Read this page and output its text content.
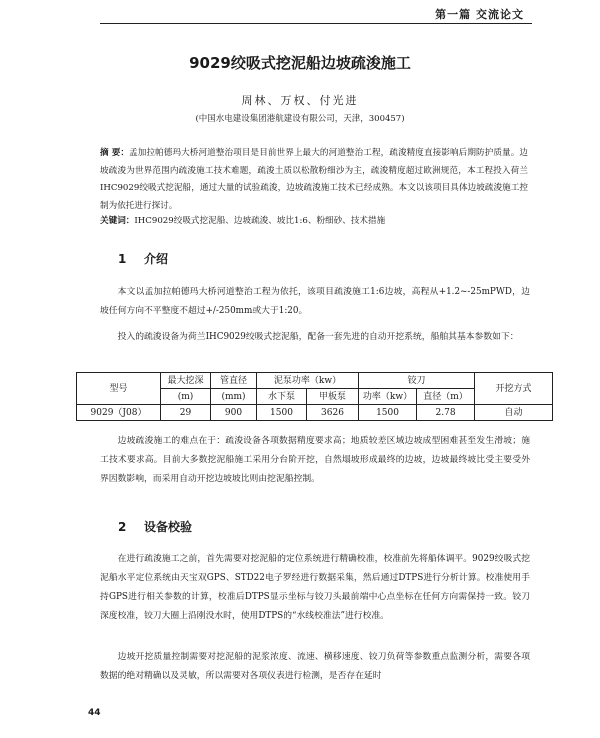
第一篇 交流论文
9029绞吸式挖泥船边坡疏浚施工
周林、万权、付光进
(中国水电建设集团港航建设有限公司，天津，300457)
摘 要：孟加拉帕德玛大桥河道整治项目是目前世界上最大的河道整治工程，疏浚精度直接影响后期防护质量。边坡疏浚为世界范围内疏浚施工技术难题，疏浚土质以松散粉细沙为主，疏浚精度超过欧洲规范，本工程投入荷兰IHC9029绞吸式挖泥船，通过大量的试验疏浚，边坡疏浚施工技术已经成熟。本文以该项目具体边坡疏浚施工控制为依托进行探讨。
关键词：IHC9029绞吸式挖泥船、边坡疏浚、坡比1:6、粉细砂、技术措施
1 介绍
本文以孟加拉帕德玛大桥河道整治工程为依托，该项目疏浚施工1:6边坡，高程从+1.2~-25mPWD，边坡任何方向不平整度不超过+/-250mm或大于1:20。
投入的疏浚设备为荷兰IHC9029绞吸式挖泥船，配备一套先进的自动开挖系统，船舶其基本参数如下：
型号	最大挖深	管直径	泥泵功率（kw）		铰刀		开挖方式
	(m)	(mm)	水下泵	甲板泵	功率（kw）	直径（m）	
9029（J08）	29	900	1500	3626	1500	2.78	自动
边坡疏浚施工的难点在于：疏浚设备各项数据精度要求高；地质较差区域边坡成型困难甚至发生滑坡；施工技术要求高。目前大多数挖泥船施工采用分台阶开挖，自然塌坡形成最终的边坡，边坡最终坡比受主要受外界因数影响，而采用自动开挖边坡坡比则由挖泥船控制。
2 设备校验
在进行疏浚施工之前，首先需要对挖泥船的定位系统进行精确校准，校准前先将船体调平。9029绞吸式挖泥船水平定位系统由天宝双GPS、STD22电子罗经进行数据采集，然后通过DTPS进行分析计算。校准使用手持GPS进行相关参数的计算，校准后DTPS显示坐标与铰刀头最前端中心点坐标在任何方向需保持一致。铰刀深度校准，铰刀大圈上沿刚没水时，使用DTPS的“水线校准法”进行校准。
边坡开挖质量控制需要对挖泥船的泥浆浓度、流速、横移速度、铰刀负荷等参数重点监测分析，需要各项数据的绝对精确以及灵敏，所以需要对各项仪表进行检测，是否存在延时
44
